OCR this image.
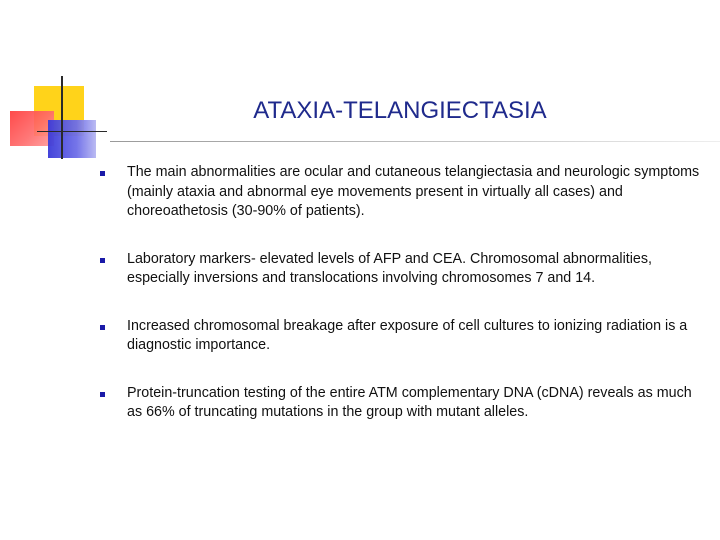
ATAXIA-TELANGIECTASIA
The main abnormalities are ocular and cutaneous telangiectasia and neurologic symptoms (mainly ataxia and abnormal eye movements present in virtually all cases) and choreoathetosis (30-90% of patients).
Laboratory markers- elevated levels of AFP and CEA. Chromosomal abnormalities, especially inversions and translocations involving chromosomes 7 and 14.
Increased chromosomal breakage after exposure of cell cultures to ionizing radiation is a diagnostic importance.
Protein-truncation testing of the entire ATM complementary DNA (cDNA) reveals as much as 66% of truncating mutations in the group with mutant alleles.
